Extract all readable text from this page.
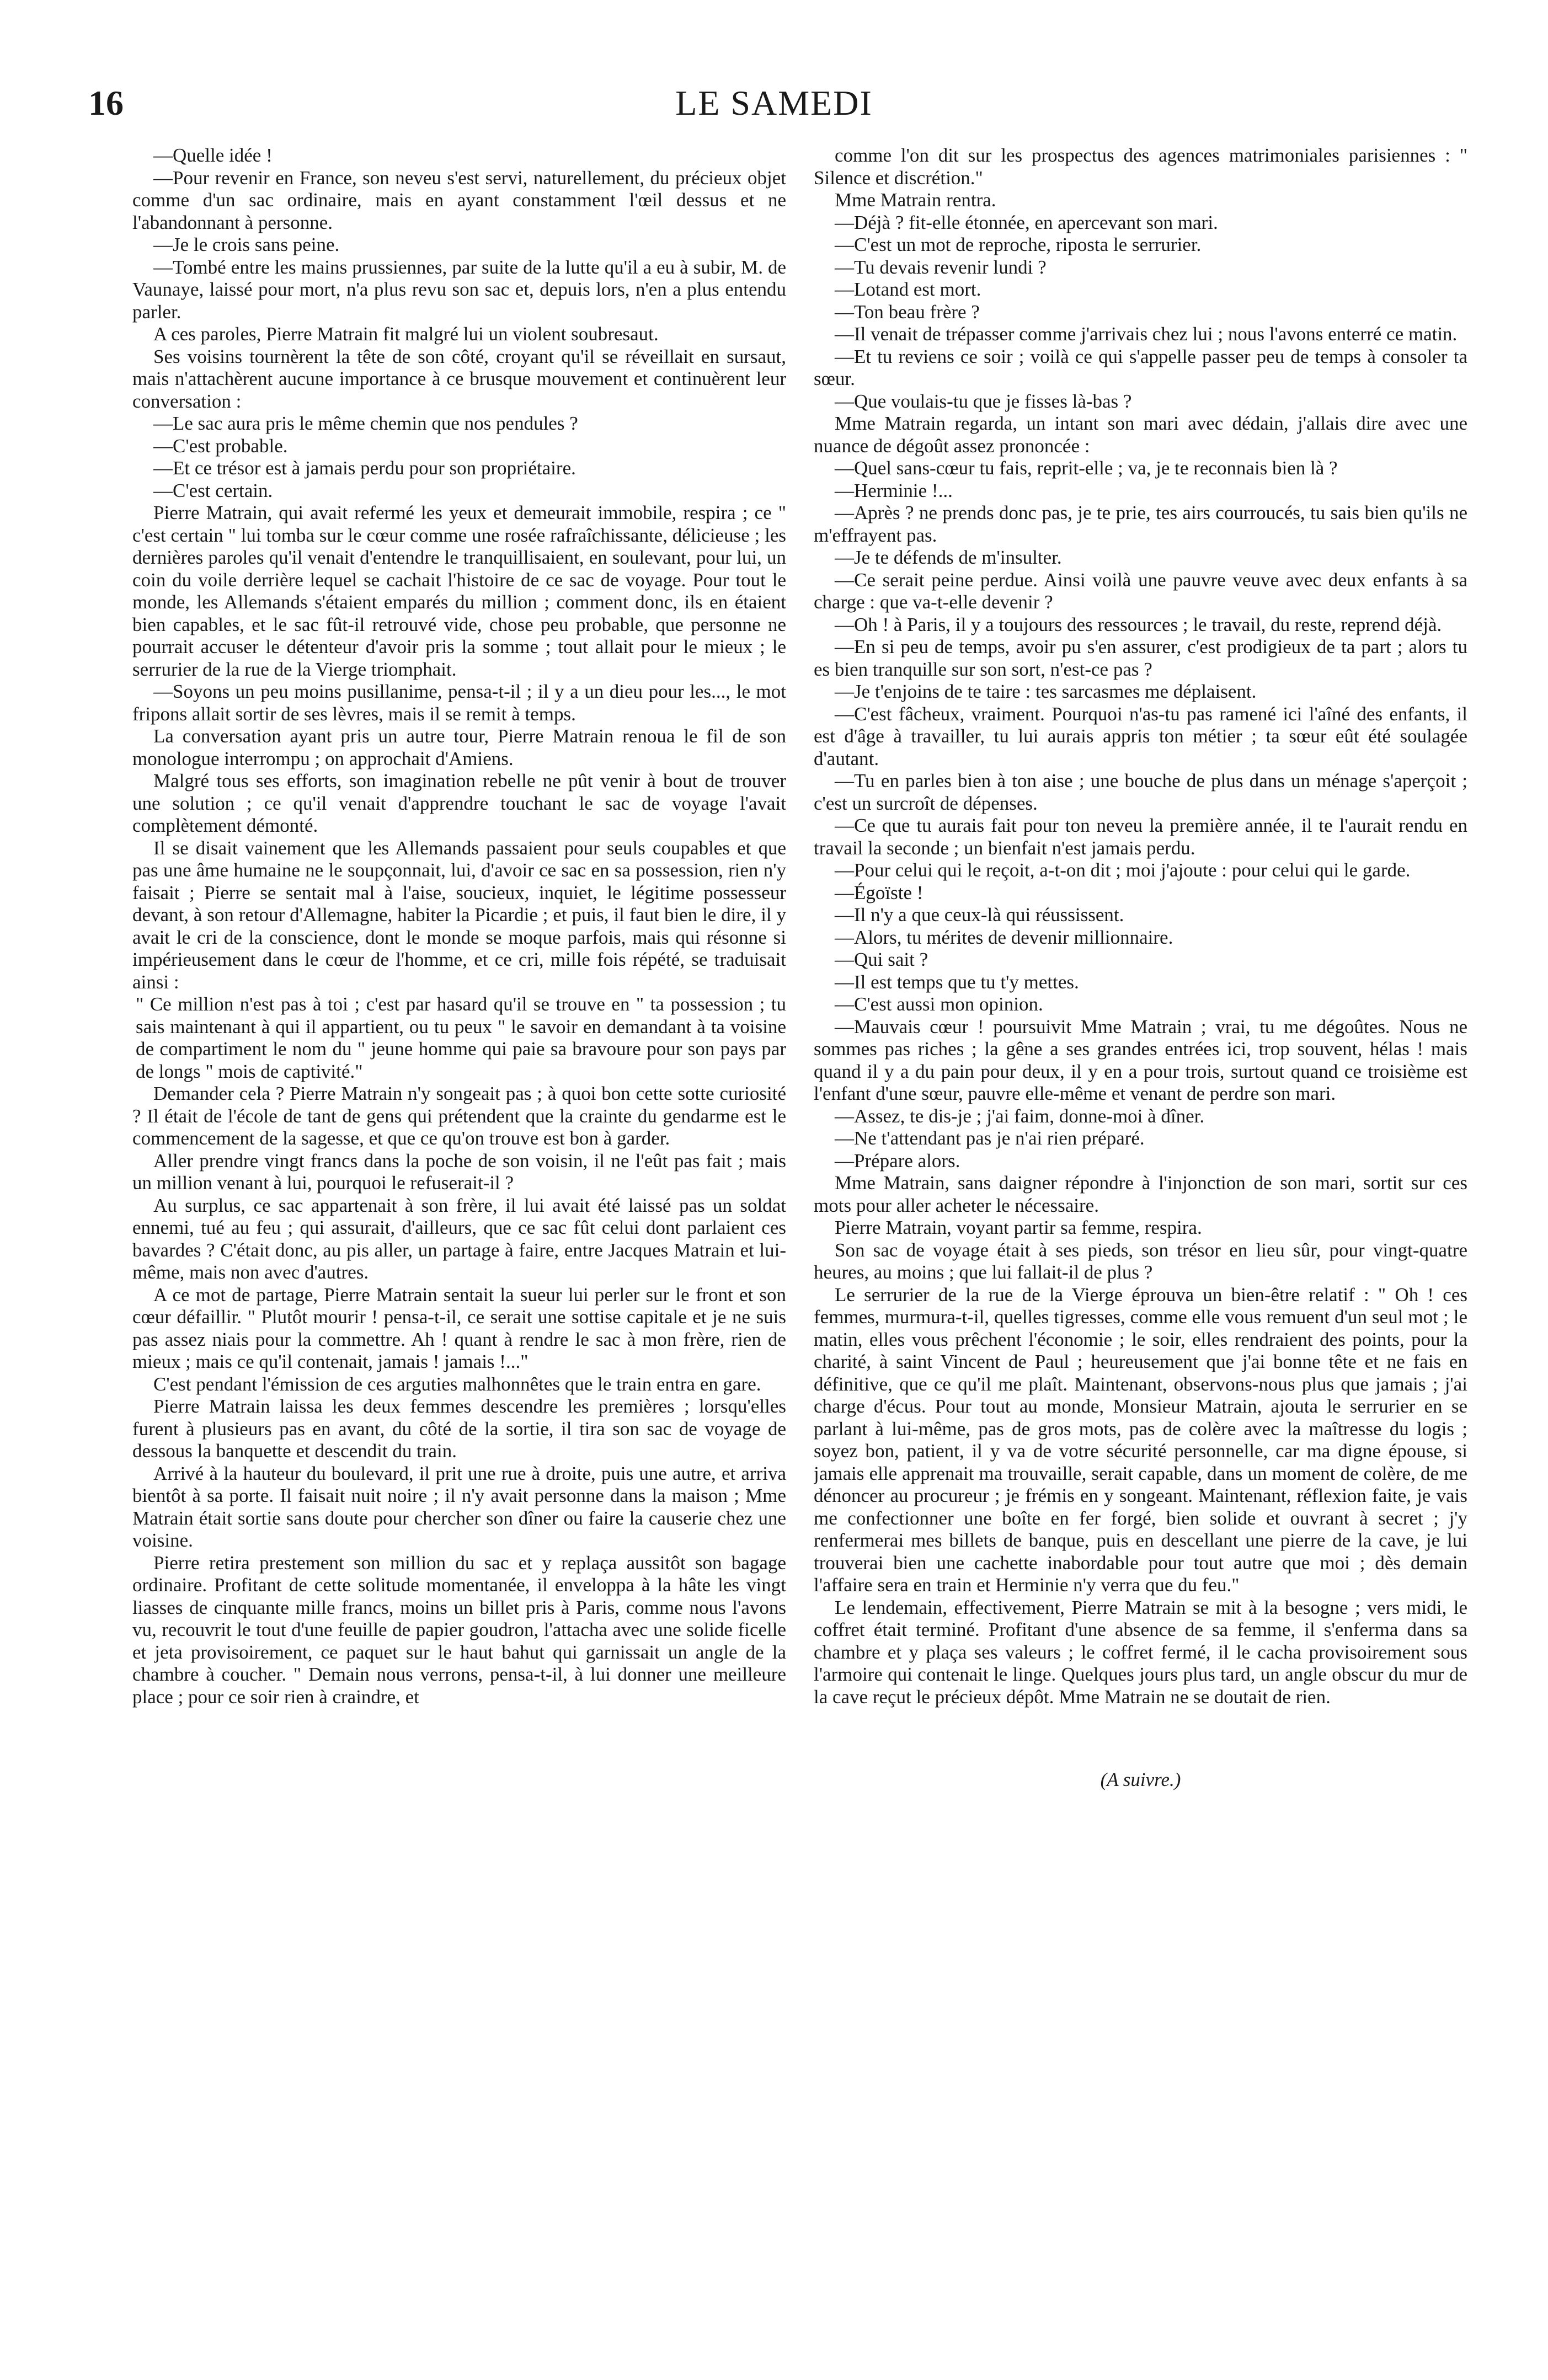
16	LE SAMEDI

—Quelle idée !

—Pour revenir en France, son neveu s'est servi, naturellement, du précieux objet comme d'un sac ordinaire, mais en ayant constamment l'œil dessus et ne l'abandonnant à personne.

—Je le crois sans peine.

—Tombé entre les mains prussiennes, par suite de la lutte qu'il a eu à subir, M. de Vaunaye, laissé pour mort, n'a plus revu son sac et, depuis lors, n'en a plus entendu parler.

A ces paroles, Pierre Matrain fit malgré lui un violent soubresaut.

Ses voisins tournèrent la tête de son côté, croyant qu'il se réveillait en sursaut, mais n'attachèrent aucune importance à ce brusque mouvement et continuèrent leur conversation :

—Le sac aura pris le même chemin que nos pendules ?

—C'est probable.

—Et ce trésor est à jamais perdu pour son propriétaire.

—C'est certain.

Pierre Matrain, qui avait refermé les yeux et demeurait immobile, respira ; ce " c'est certain " lui tomba sur le cœur comme une rosée rafraîchissante, délicieuse ; les dernières paroles qu'il venait d'entendre le tranquillisaient, en soulevant, pour lui, un coin du voile derrière lequel se cachait l'histoire de ce sac de voyage. Pour tout le monde, les Allemands s'étaient emparés du million ; comment donc, ils en étaient bien capables, et le sac fût-il retrouvé vide, chose peu probable, que personne ne pourrait accuser le détenteur d'avoir pris la somme ; tout allait pour le mieux ; le serrurier de la rue de la Vierge triomphait.

—Soyons un peu moins pusillanime, pensa-t-il ; il y a un dieu pour les..., le mot fripons allait sortir de ses lèvres, mais il se remit à temps.

La conversation ayant pris un autre tour, Pierre Matrain renoua le fil de son monologue interrompu ; on approchait d'Amiens.

Malgré tous ses efforts, son imagination rebelle ne pût venir à bout de trouver une solution ; ce qu'il venait d'apprendre touchant le sac de voyage l'avait complètement démonté.

Il se disait vainement que les Allemands passaient pour seuls coupables et que pas une âme humaine ne le soupçonnait, lui, d'avoir ce sac en sa possession, rien n'y faisait ; Pierre se sentait mal à l'aise, soucieux, inquiet, le légitime possesseur devant, à son retour d'Allemagne, habiter la Picardie ; et puis, il faut bien le dire, il y avait le cri de la conscience, dont le monde se moque parfois, mais qui résonne si impérieusement dans le cœur de l'homme, et ce cri, mille fois répété, se traduisait ainsi :

" Ce million n'est pas à toi ; c'est par hasard qu'il se trouve en " ta possession ; tu sais maintenant à qui il appartient, ou tu peux " le savoir en demandant à ta voisine de compartiment le nom du " jeune homme qui paie sa bravoure pour son pays par de longs " mois de captivité."

Demander cela ? Pierre Matrain n'y songeait pas ; à quoi bon cette sotte curiosité ? Il était de l'école de tant de gens qui prétendent que la crainte du gendarme est le commencement de la sagesse, et que ce qu'on trouve est bon à garder.

Aller prendre vingt francs dans la poche de son voisin, il ne l'eût pas fait ; mais un million venant à lui, pourquoi le refuserait-il ?

Au surplus, ce sac appartenait à son frère, il lui avait été laissé pas un soldat ennemi, tué au feu ; qui assurait, d'ailleurs, que ce sac fût celui dont parlaient ces bavardes ? C'était donc, au pis aller, un partage à faire, entre Jacques Matrain et lui-même, mais non avec d'autres.

A ce mot de partage, Pierre Matrain sentait la sueur lui perler sur le front et son cœur défaillir. " Plutôt mourir ! pensa-t-il, ce serait une sottise capitale et je ne suis pas assez niais pour la commettre. Ah ! quant à rendre le sac à mon frère, rien de mieux ; mais ce qu'il contenait, jamais ! jamais !..."

C'est pendant l'émission de ces arguties malhonnêtes que le train entra en gare.

Pierre Matrain laissa les deux femmes descendre les premières ; lorsqu'elles furent à plusieurs pas en avant, du côté de la sortie, il tira son sac de voyage de dessous la banquette et descendit du train.

Arrivé à la hauteur du boulevard, il prit une rue à droite, puis une autre, et arriva bientôt à sa porte. Il faisait nuit noire ; il n'y avait personne dans la maison ; Mme Matrain était sortie sans doute pour chercher son dîner ou faire la causerie chez une voisine.

Pierre retira prestement son million du sac et y replaça aussitôt son bagage ordinaire. Profitant de cette solitude momentanée, il enveloppa à la hâte les vingt liasses de cinquante mille francs, moins un billet pris à Paris, comme nous l'avons vu, recouvrit le tout d'une feuille de papier goudron, l'attacha avec une solide ficelle et jeta provisoirement, ce paquet sur le haut bahut qui garnissait un angle de la chambre à coucher. " Demain nous verrons, pensa-t-il, à lui donner une meilleure place ; pour ce soir rien à craindre, et

comme l'on dit sur les prospectus des agences matrimoniales parisiennes : " Silence et discrétion."

Mme Matrain rentra.

—Déjà ? fit-elle étonnée, en apercevant son mari.

—C'est un mot de reproche, riposta le serrurier.

—Tu devais revenir lundi ?

—Lotand est mort.

—Ton beau frère ?

—Il venait de trépasser comme j'arrivais chez lui ; nous l'avons enterré ce matin.

—Et tu reviens ce soir ; voilà ce qui s'appelle passer peu de temps à consoler ta sœur.

—Que voulais-tu que je fisses là-bas ?

Mme Matrain regarda, un intant son mari avec dédain, j'allais dire avec une nuance de dégoût assez prononcée :

—Quel sans-cœur tu fais, reprit-elle ; va, je te reconnais bien là ?

—Herminie !...

—Après ? ne prends donc pas, je te prie, tes airs courroucés, tu sais bien qu'ils ne m'effrayent pas.

—Je te défends de m'insulter.

—Ce serait peine perdue. Ainsi voilà une pauvre veuve avec deux enfants à sa charge : que va-t-elle devenir ?

—Oh ! à Paris, il y a toujours des ressources ; le travail, du reste, reprend déjà.

—En si peu de temps, avoir pu s'en assurer, c'est prodigieux de ta part ; alors tu es bien tranquille sur son sort, n'est-ce pas ?

—Je t'enjoins de te taire : tes sarcasmes me déplaisent.

—C'est fâcheux, vraiment. Pourquoi n'as-tu pas ramené ici l'aîné des enfants, il est d'âge à travailler, tu lui aurais appris ton métier ; ta sœur eût été soulagée d'autant.

—Tu en parles bien à ton aise ; une bouche de plus dans un ménage s'aperçoit ; c'est un surcroît de dépenses.

—Ce que tu aurais fait pour ton neveu la première année, il te l'aurait rendu en travail la seconde ; un bienfait n'est jamais perdu.

—Pour celui qui le reçoit, a-t-on dit ; moi j'ajoute : pour celui qui le garde.

—Égoïste !

—Il n'y a que ceux-là qui réussissent.

—Alors, tu mérites de devenir millionnaire.

—Qui sait ?

—Il est temps que tu t'y mettes.

—C'est aussi mon opinion.

—Mauvais cœur ! poursuivit Mme Matrain ; vrai, tu me dégoûtes. Nous ne sommes pas riches ; la gêne a ses grandes entrées ici, trop souvent, hélas ! mais quand il y a du pain pour deux, il y en a pour trois, surtout quand ce troisième est l'enfant d'une sœur, pauvre elle-même et venant de perdre son mari.

—Assez, te dis-je ; j'ai faim, donne-moi à dîner.

—Ne t'attendant pas je n'ai rien préparé.

—Prépare alors.

Mme Matrain, sans daigner répondre à l'injonction de son mari, sortit sur ces mots pour aller acheter le nécessaire.

Pierre Matrain, voyant partir sa femme, respira.

Son sac de voyage était à ses pieds, son trésor en lieu sûr, pour vingt-quatre heures, au moins ; que lui fallait-il de plus ?

Le serrurier de la rue de la Vierge éprouva un bien-être relatif : " Oh ! ces femmes, murmura-t-il, quelles tigresses, comme elle vous remuent d'un seul mot ; le matin, elles vous prêchent l'économie ; le soir, elles rendraient des points, pour la charité, à saint Vincent de Paul ; heureusement que j'ai bonne tête et ne fais en définitive, que ce qu'il me plaît. Maintenant, observons-nous plus que jamais ; j'ai charge d'écus. Pour tout au monde, Monsieur Matrain, ajouta le serrurier en se parlant à lui-même, pas de gros mots, pas de colère avec la maîtresse du logis ; soyez bon, patient, il y va de votre sécurité personnelle, car ma digne épouse, si jamais elle apprenait ma trouvaille, serait capable, dans un moment de colère, de me dénoncer au procureur ; je frémis en y songeant. Maintenant, réflexion faite, je vais me confectionner une boîte en fer forgé, bien solide et ouvrant à secret ; j'y renfermerai mes billets de banque, puis en descellant une pierre de la cave, je lui trouverai bien une cachette inabordable pour tout autre que moi ; dès demain l'affaire sera en train et Herminie n'y verra que du feu."

Le lendemain, effectivement, Pierre Matrain se mit à la besogne ; vers midi, le coffret était terminé. Profitant d'une absence de sa femme, il s'enferma dans sa chambre et y plaça ses valeurs ; le coffret fermé, il le cacha provisoirement sous l'armoire qui contenait le linge. Quelques jours plus tard, un angle obscur du mur de la cave reçut le précieux dépôt. Mme Matrain ne se doutait de rien.

(A suivre.)
